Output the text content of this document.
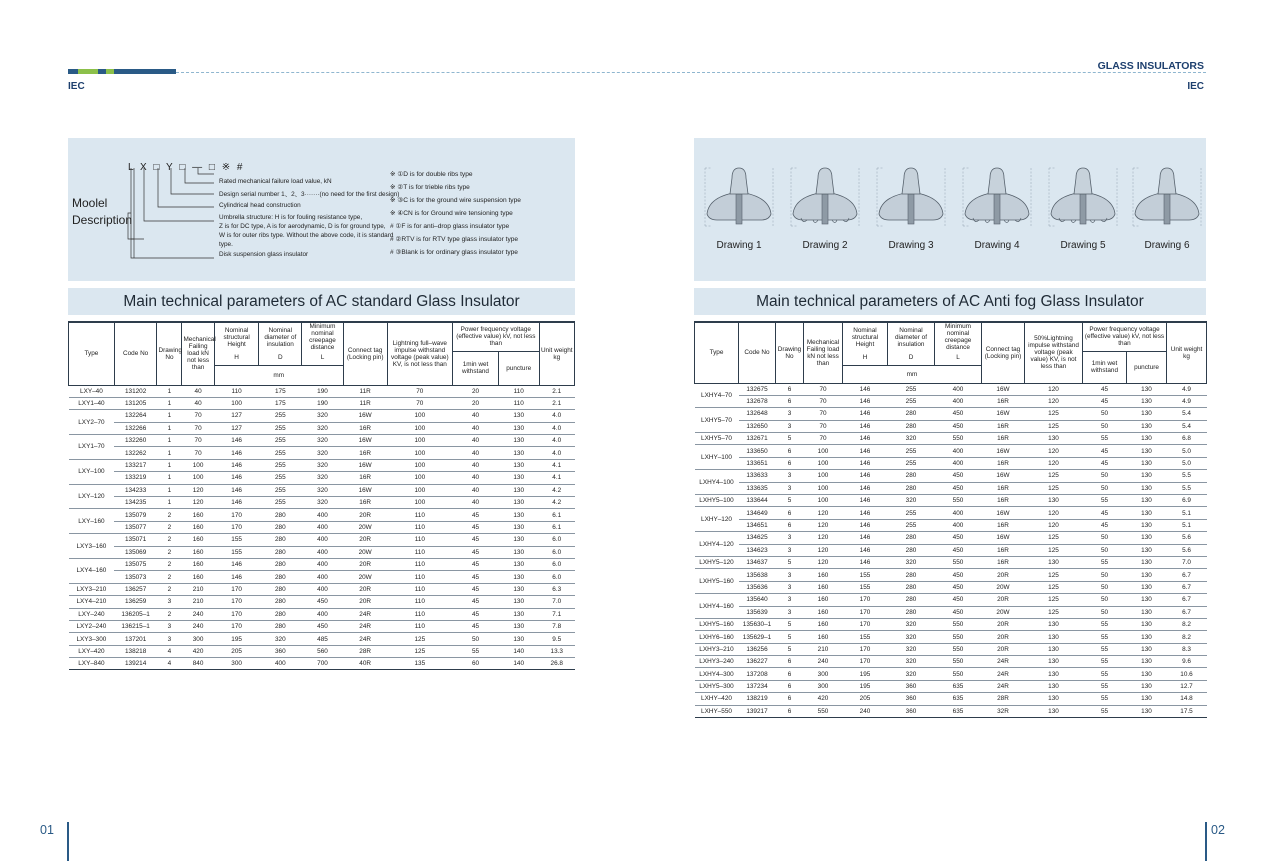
GLASS INSULATORS
IEC	IEC
Moolel
Description
L X □ Y □ — □ ※ #
Rated mechanical failure load value, kN
Design serial number 1、2、3·······(no need for the first design)
Cylindrical head construction
Umbrella structure: H is for fouling resistance type,
Z is for DC type, A is for aerodynamic, D is for ground type,
W is for outer ribs type. Without the above code, it is standard
type.
Disk suspension glass insulator
※ ①D is for double ribs type
※ ②T is for trieble ribs type
※ ③C is for the ground wire suspension type
※ ④CN is for Ground wire tensioning type
# ①F is for anti–drop glass insulator type
# ②RTV is for RTV type glass insulator type
# ③Blank is for ordinary glass insulator type
Drawing 1	Drawing 2	Drawing 3	Drawing 4	Drawing 5	Drawing 6
Main technical parameters of AC standard Glass Insulator
Type	Code No	Drawing No	Mechanical Failing load kN not less than	Nominal structural Height	Nominal diameter of insulation	Minimum nominal creepage distance	Connect tag (Locking pin)	Lightning full–wave impulse withstand voltage (peak value) KV, is not less than	Power frequency voltage (effective value) kV, not less than		Unit weight kg
				H	D	L			1min wet withstand	puncture	
				mm							
LXY–40	131202	1	40	110	175	190	11R	70	20	110	2.1
LXY1–40	131205	1	40	100	175	190	11R	70	20	110	2.1
LXY2–70	132264	1	70	127	255	320	16W	100	40	130	4.0
	132266	1	70	127	255	320	16R	100	40	130	4.0
LXY1–70	132260	1	70	146	255	320	16W	100	40	130	4.0
	132262	1	70	146	255	320	16R	100	40	130	4.0
LXY–100	133217	1	100	146	255	320	16W	100	40	130	4.1
	133219	1	100	146	255	320	16R	100	40	130	4.1
LXY–120	134233	1	120	146	255	320	16W	100	40	130	4.2
	134235	1	120	146	255	320	16R	100	40	130	4.2
LXY–160	135079	2	160	170	280	400	20R	110	45	130	6.1
	135077	2	160	170	280	400	20W	110	45	130	6.1
LXY3–160	135071	2	160	155	280	400	20R	110	45	130	6.0
	135069	2	160	155	280	400	20W	110	45	130	6.0
LXY4–160	135075	2	160	146	280	400	20R	110	45	130	6.0
	135073	2	160	146	280	400	20W	110	45	130	6.0
LXY3–210	136257	2	210	170	280	400	20R	110	45	130	6.3
LXY4–210	136259	3	210	170	280	450	20R	110	45	130	7.0
LXY–240	136205–1	2	240	170	280	400	24R	110	45	130	7.1
LXY2–240	136215–1	3	240	170	280	450	24R	110	45	130	7.8
LXY3–300	137201	3	300	195	320	485	24R	125	50	130	9.5
LXY–420	138218	4	420	205	360	560	28R	125	55	140	13.3
LXY–840	139214	4	840	300	400	700	40R	135	60	140	26.8
Main technical parameters of AC Anti fog Glass Insulator
Type	Code No	Drawing No	Mechanical Failing load kN not less than	Nominal structural Height	Nominal diameter of insulation	Minimum nominal creepage distance	Connect tag (Locking pin)	50%Lightning impulse withstand voltage (peak value) KV, is not less than	Power frequency voltage (effective value) kV, not less than		Unit weight kg
				H	D	L			1min wet withstand	puncture	
				mm							
LXHY4–70	132675	6	70	146	255	400	16W	120	45	130	4.9
	132678	6	70	146	255	400	16R	120	45	130	4.9
LXHY5–70	132648	3	70	146	280	450	16W	125	50	130	5.4
	132650	3	70	146	280	450	16R	125	50	130	5.4
LXHY5–70	132671	5	70	146	320	550	16R	130	55	130	6.8
LXHY–100	133650	6	100	146	255	400	16W	120	45	130	5.0
	133651	6	100	146	255	400	16R	120	45	130	5.0
LXHY4–100	133633	3	100	146	280	450	16W	125	50	130	5.5
	133635	3	100	146	280	450	16R	125	50	130	5.5
LXHY5–100	133644	5	100	146	320	550	16R	130	55	130	6.9
LXHY–120	134649	6	120	146	255	400	16W	120	45	130	5.1
	134651	6	120	146	255	400	16R	120	45	130	5.1
LXHY4–120	134625	3	120	146	280	450	16W	125	50	130	5.6
	134623	3	120	146	280	450	16R	125	50	130	5.6
LXHY5–120	134637	5	120	146	320	550	16R	130	55	130	7.0
LXHY5–160	135638	3	160	155	280	450	20R	125	50	130	6.7
	135636	3	160	155	280	450	20W	125	50	130	6.7
LXHY4–160	135640	3	160	170	280	450	20R	125	50	130	6.7
	135639	3	160	170	280	450	20W	125	50	130	6.7
LXHY5–160	135630–1	5	160	170	320	550	20R	130	55	130	8.2
LXHY6–160	135629–1	5	160	155	320	550	20R	130	55	130	8.2
LXHY3–210	136256	5	210	170	320	550	20R	130	55	130	8.3
LXHY3–240	136227	6	240	170	320	550	24R	130	55	130	9.6
LXHY4–300	137208	6	300	195	320	550	24R	130	55	130	10.6
LXHY5–300	137234	6	300	195	360	635	24R	130	55	130	12.7
LXHY–420	138219	6	420	205	360	635	28R	130	55	130	14.8
LXHY–550	139217	6	550	240	360	635	32R	130	55	130	17.5
01	02
